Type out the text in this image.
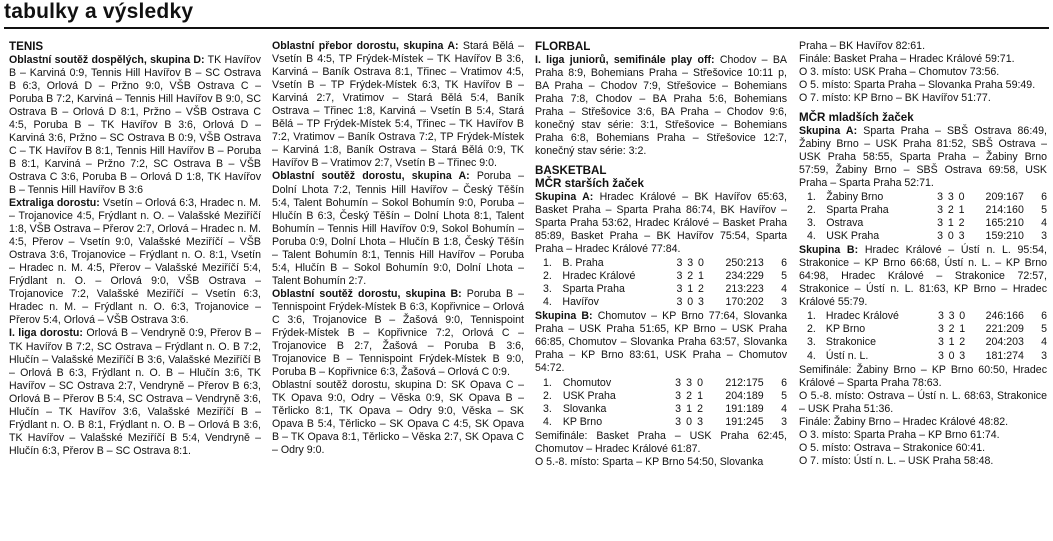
tabulky a výsledky

TENIS

Oblastní soutěž dospělých, skupina D: TK Havířov B – Karviná 0:9, Tennis Hill Havířov B – SC Ostrava B 6:3, Orlová D – Pržno 9:0, VŠB Ostrava C – Poruba B 7:2, Karviná – Tennis Hill Havířov B 9:0, SC Ostrava B – Orlová D 8:1, Pržno – VŠB Ostrava C 4:5, Poruba B – TK Havířov B 3:6, Orlová D – Karviná 3:6, Pržno – SC Ostrava B 0:9, VŠB Ostrava C – TK Havířov B 8:1, Tennis Hill Havířov B – Poruba B 8:1, Karviná – Pržno 7:2, SC Ostrava B – VŠB Ostrava C 3:6, Poruba B – Orlová D 1:8, TK Havířov B – Tennis Hill Havířov B 3:6

Extraliga dorostu: Vsetín – Orlová 6:3, Hradec n. M. – Trojanovice 4:5, Frýdlant n. O. – Valašské Meziříčí 1:8, VŠB Ostrava – Přerov 2:7, Orlová – Hradec n. M. 4:5, Přerov – Vsetín 9:0, Valašské Meziříčí – VŠB Ostrava 3:6, Trojanovice – Frýdlant n. O. 8:1, Vsetín – Hradec n. M. 4:5, Přerov – Valašské Meziříčí 5:4, Frýdlant n. O. – Orlová 9:0, VŠB Ostrava – Trojanovice 7:2, Valašské Meziříčí – Vsetín 6:3, Hradec n. M. – Frýdlant n. O. 6:3, Trojanovice – Přerov 5:4, Orlová – VŠB Ostrava 3:6.

I. liga dorostu: Orlová B – Vendryně 0:9, Přerov B – TK Havířov B 7:2, SC Ostrava – Frýdlant n. O. B 7:2, Hlučín – Valašské Meziříčí B 3:6, Valašské Meziříčí B – Orlová B 6:3, Frýdlant n. O. B – Hlučín 3:6, TK Havířov – SC Ostrava 2:7, Vendryně – Přerov B 6:3, Orlová B – Přerov B 5:4, SC Ostrava – Vendryně 3:6, Hlučín – TK Havířov 3:6, Valašské Meziříčí B – Frýdlant n. O. B 8:1, Frýdlant n. O. B – Orlová B 3:6, TK Havířov – Valašské Meziříčí B 5:4, Vendryně – Hlučín 6:3, Přerov B – SC Ostrava 8:1.

Oblastní přebor dorostu, skupina A: Stará Bělá – Vsetín B 4:5, TP Frýdek-Místek – TK Havířov B 3:6, Karviná – Baník Ostrava 8:1, Třinec – Vratimov 4:5, Vsetín B – TP Frýdek-Místek 6:3, TK Havířov B – Karviná 2:7, Vratimov – Stará Bělá 5:4, Baník Ostrava – Třinec 1:8, Karviná – Vsetín B 5:4, Stará Bělá – TP Frýdek-Místek 5:4, Třinec – TK Havířov B 7:2, Vratimov – Baník Ostrava 7:2, TP Frýdek-Místek – Karviná 1:8, Baník Ostrava – Stará Bělá 0:9, TK Havířov B – Vratimov 2:7, Vsetín B – Třinec 9:0.

Oblastní soutěž dorostu, skupina A: Poruba – Dolní Lhota 7:2, Tennis Hill Havířov – Český Těšín 5:4, Talent Bohumín – Sokol Bohumín 9:0, Poruba – Hlučín B 6:3, Český Těšín – Dolní Lhota 8:1, Talent Bohumín – Tennis Hill Havířov 0:9, Sokol Bohumín – Poruba 0:9, Dolní Lhota – Hlučín B 1:8, Český Těšín – Talent Bohumín 8:1, Tennis Hill Havířov – Poruba 5:4, Hlučín B – Sokol Bohumín 9:0, Dolní Lhota – Talent Bohumín 2:7.

Oblastní soutěž dorostu, skupina B: Poruba B – Tennispoint Frýdek-Místek B 6:3, Kopřivnice – Orlová C 3:6, Trojanovice B – Žašová 9:0, Tennispoint Frýdek-Místek B – Kopřivnice 7:2, Orlová C – Trojanovice B 2:7, Žašová – Poruba B 3:6, Trojanovice B – Tennispoint Frýdek-Místek B 9:0, Poruba B – Kopřivnice 6:3, Žašová – Orlová C 0:9.

Oblastní soutěž dorostu, skupina D: SK Opava C – TK Opava 9:0, Odry – Věska 0:9, SK Opava B – Těrlicko 8:1, TK Opava – Odry 9:0, Věska – SK Opava B 5:4, Těrlicko – SK Opava C 4:5, SK Opava B – TK Opava 8:1, Těrlicko – Věska 2:7, SK Opava C – Odry 9:0.

FLORBAL

I. liga juniorů, semifinále play off: Chodov – BA Praha 8:9, Bohemians Praha – Střešovice 10:11 p, BA Praha – Chodov 7:9, Střešovice – Bohemians Praha 7:8, Chodov – BA Praha 5:6, Bohemians Praha – Střešovice 3:6, BA Praha – Chodov 9:6, konečný stav série: 3:1, Střešovice – Bohemians Praha 6:8, Bohemians Praha – Střešovice 12:7, konečný stav série: 3:2.

BASKETBAL

MČR starších žaček

Skupina A: Hradec Králové – BK Havířov 65:63, Basket Praha – Sparta Praha 86:74, BK Havířov – Sparta Praha 53:62, Hradec Králové – Basket Praha 85:89, Basket Praha – BK Havířov 75:54, Sparta Praha – Hradec Králové 77:84.

1.	B. Praha	3	3	0	250:213	6
2.	Hradec Králové	3	2	1	234:229	5
3.	Sparta Praha	3	1	2	213:223	4
4.	Havířov	3	0	3	170:202	3

Skupina B: Chomutov – KP Brno 77:64, Slovanka Praha – USK Praha 51:65, KP Brno – USK Praha 66:85, Chomutov – Slovanka Praha 63:57, Slovanka Praha – KP Brno 83:61, USK Praha – Chomutov 54:72.

1.	Chomutov	3	3	0	212:175	6
2.	USK Praha	3	2	1	204:189	5
3.	Slovanka	3	1	2	191:189	4
4.	KP Brno	3	0	3	191:245	3

Semifinále: Basket Praha – USK Praha 62:45, Chomutov – Hradec Králové 61:87.

O 5.-8. místo: Sparta – KP Brno 54:50, Slovanka

Praha – BK Havířov 82:61.

Finále: Basket Praha – Hradec Králové 59:71.

O 3. místo: USK Praha – Chomutov 73:56.

O 5. místo: Sparta Praha – Slovanka Praha 59:49.

O 7. místo: KP Brno – BK Havířov 51:77.

MČR mladších žaček

Skupina A: Sparta Praha – SBŠ Ostrava 86:49, Žabiny Brno – USK Praha 81:52, SBŠ Ostrava – USK Praha 58:55, Sparta Praha – Žabiny Brno 57:59, Žabiny Brno – SBŠ Ostrava 69:58, USK Praha – Sparta Praha 52:71.

1.	Žabiny Brno	3	3	0	209:167	6
2.	Sparta Praha	3	2	1	214:160	5
3.	Ostrava	3	1	2	165:210	4
4.	USK Praha	3	0	3	159:210	3

Skupina B: Hradec Králové – Ústí n. L. 95:54, Strakonice – KP Brno 66:68, Ústí n. L. – KP Brno 64:98, Hradec Králové – Strakonice 72:57, Strakonice – Ústí n. L. 81:63, KP Brno – Hradec Králové 55:79.

1.	Hradec Králové	3	3	0	246:166	6
2.	KP Brno	3	2	1	221:209	5
3.	Strakonice	3	1	2	204:203	4
4.	Ústí n. L.	3	0	3	181:274	3

Semifinále: Žabiny Brno – KP Brno 60:50, Hradec Králové – Sparta Praha 78:63.

O 5.-8. místo: Ostrava – Ústí n. L. 68:63, Strakonice – USK Praha 51:36.

Finále: Žabiny Brno – Hradec Králové 48:82.

O 3. místo: Sparta Praha – KP Brno 61:74.

O 5. místo: Ostrava – Strakonice 60:41.

O 7. místo: Ústí n. L. – USK Praha 58:48.
